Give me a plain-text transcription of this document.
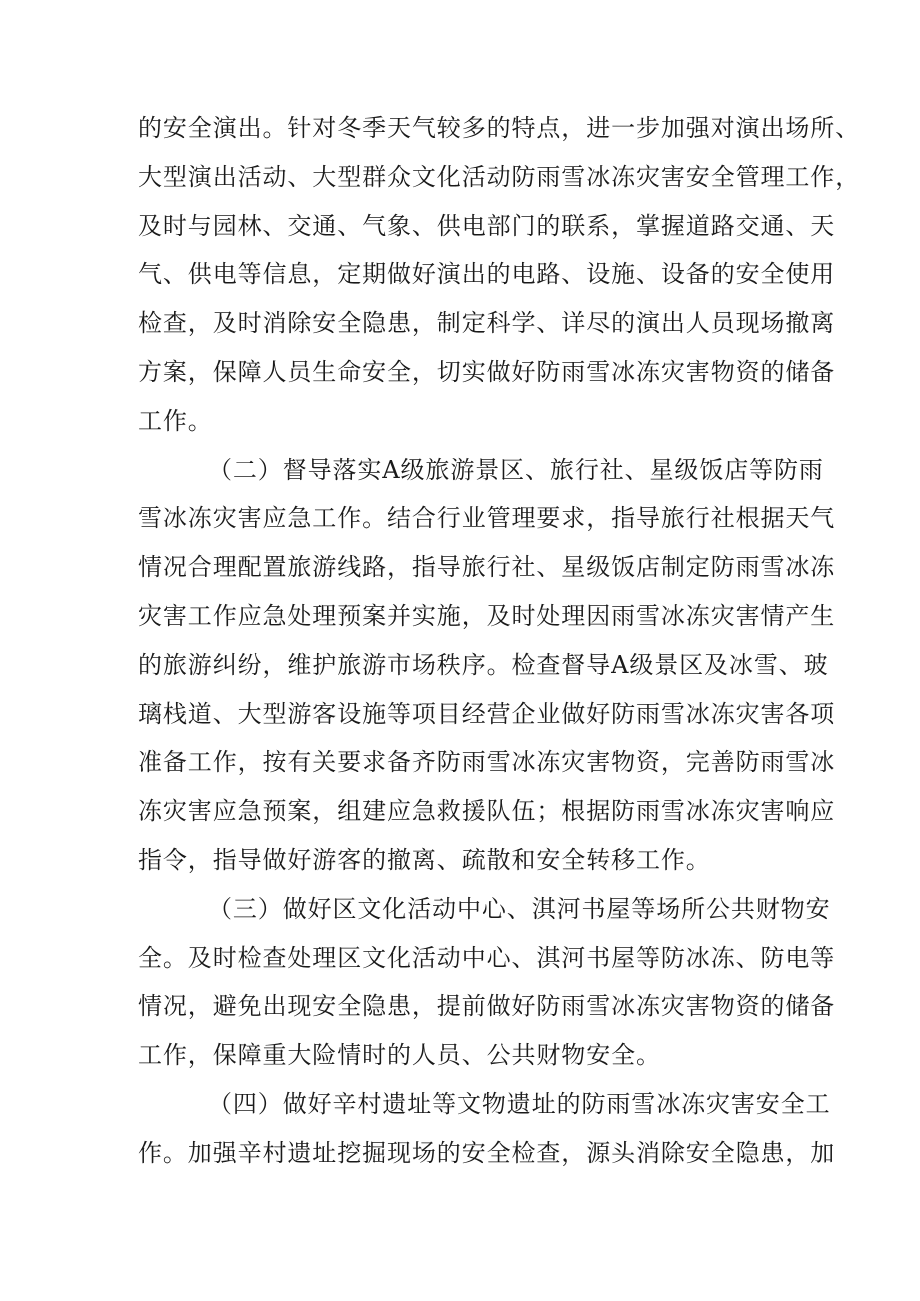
的安全演出。针对冬季天气较多的特点，进一步加强对演出场所、
大型演出活动、大型群众文化活动防雨雪冰冻灾害安全管理工作，
及时与园林、交通、气象、供电部门的联系，掌握道路交通、天
气、供电等信息，定期做好演出的电路、设施、设备的安全使用
检查，及时消除安全隐患，制定科学、详尽的演出人员现场撤离
方案，保障人员生命安全，切实做好防雨雪冰冻灾害物资的储备
工作。
（二）督导落实A级旅游景区、旅行社、星级饭店等防雨
雪冰冻灾害应急工作。结合行业管理要求，指导旅行社根据天气
情况合理配置旅游线路，指导旅行社、星级饭店制定防雨雪冰冻
灾害工作应急处理预案并实施，及时处理因雨雪冰冻灾害情产生
的旅游纠纷，维护旅游市场秩序。检查督导A级景区及冰雪、玻
璃栈道、大型游客设施等项目经营企业做好防雨雪冰冻灾害各项
准备工作，按有关要求备齐防雨雪冰冻灾害物资，完善防雨雪冰
冻灾害应急预案，组建应急救援队伍；根据防雨雪冰冻灾害响应
指令，指导做好游客的撤离、疏散和安全转移工作。
（三）做好区文化活动中心、淇河书屋等场所公共财物安
全。及时检查处理区文化活动中心、淇河书屋等防冰冻、防电等
情况，避免出现安全隐患，提前做好防雨雪冰冻灾害物资的储备
工作，保障重大险情时的人员、公共财物安全。
（四）做好辛村遗址等文物遗址的防雨雪冰冻灾害安全工
作。加强辛村遗址挖掘现场的安全检查，源头消除安全隐患，加
